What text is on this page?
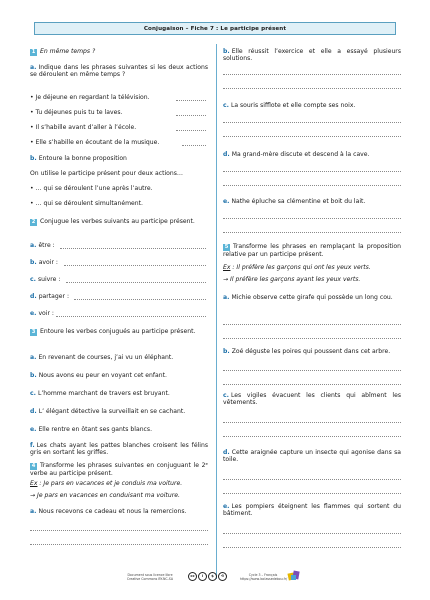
Conjugaison – Fiche 7 : Le participe présent
1 En même temps ?
a. Indique dans les phrases suivantes si les deux actions se déroulent en même temps ?
• Je déjeune en regardant la télévision.
• Tu déjeunes puis tu te laves.
• Il s’habille avant d’aller à l’école.
• Elle s’habille en écoutant de la musique.
b. Entoure la bonne proposition
On utilise le participe présent pour deux actions…
• … qui se déroulent l’une après l’autre.
• … qui se déroulent simultanément.
2 Conjugue les verbes suivants au participe présent.
a. être :
b. avoir :
c. suivre :
d. partager :
e. voir :
3 Entoure les verbes conjugués au participe présent.
a. En revenant de courses, j’ai vu un éléphant.
b. Nous avons eu peur en voyant cet enfant.
c. L’homme marchant de travers est bruyant.
d. L’ élégant détective la surveillait en se cachant.
e. Elle rentre en ôtant ses gants blancs.
f. Les chats ayant les pattes blanches croisent les félins gris en sortant les griffes.
4 Transforme les phrases suivantes en conjuguant le 2ᵉ verbe au participe présent.
Ex : Je pars en vacances et je conduis ma voiture.
→ Je pars en vacances en conduisant ma voiture.
a. Nous recevons ce cadeau et nous la remercions.
b. Elle réussit l’exercice et elle a essayé plusieurs solutions.
c. La souris sifflote et elle compte ses noix.
d. Ma grand-mère discute et descend à la cave.
e. Nathe épluche sa clémentine et boit du lait.
5 Transforme les phrases en remplaçant la proposition relative par un participe présent.
Ex : Il préfère les garçons qui ont les yeux verts.
→ Il préfère les garçons ayant les yeux verts.
a. Michie observe cette girafe qui possède un long cou.
b. Zoé déguste les poires qui poussent dans cet arbre.
c. Les vigiles évacuent les clients qui abîment les vêtements.
d. Cette araignée capture un insecte qui agonise dans sa toile.
e. Les pompiers éteignent les flammes qui sortent du bâtiment.
Document sous licence libre
Creative Commons BY-NC-SA
cc	i	$	⟲	Cycle 3 – Français
https://www.laclassedebou.fr/
